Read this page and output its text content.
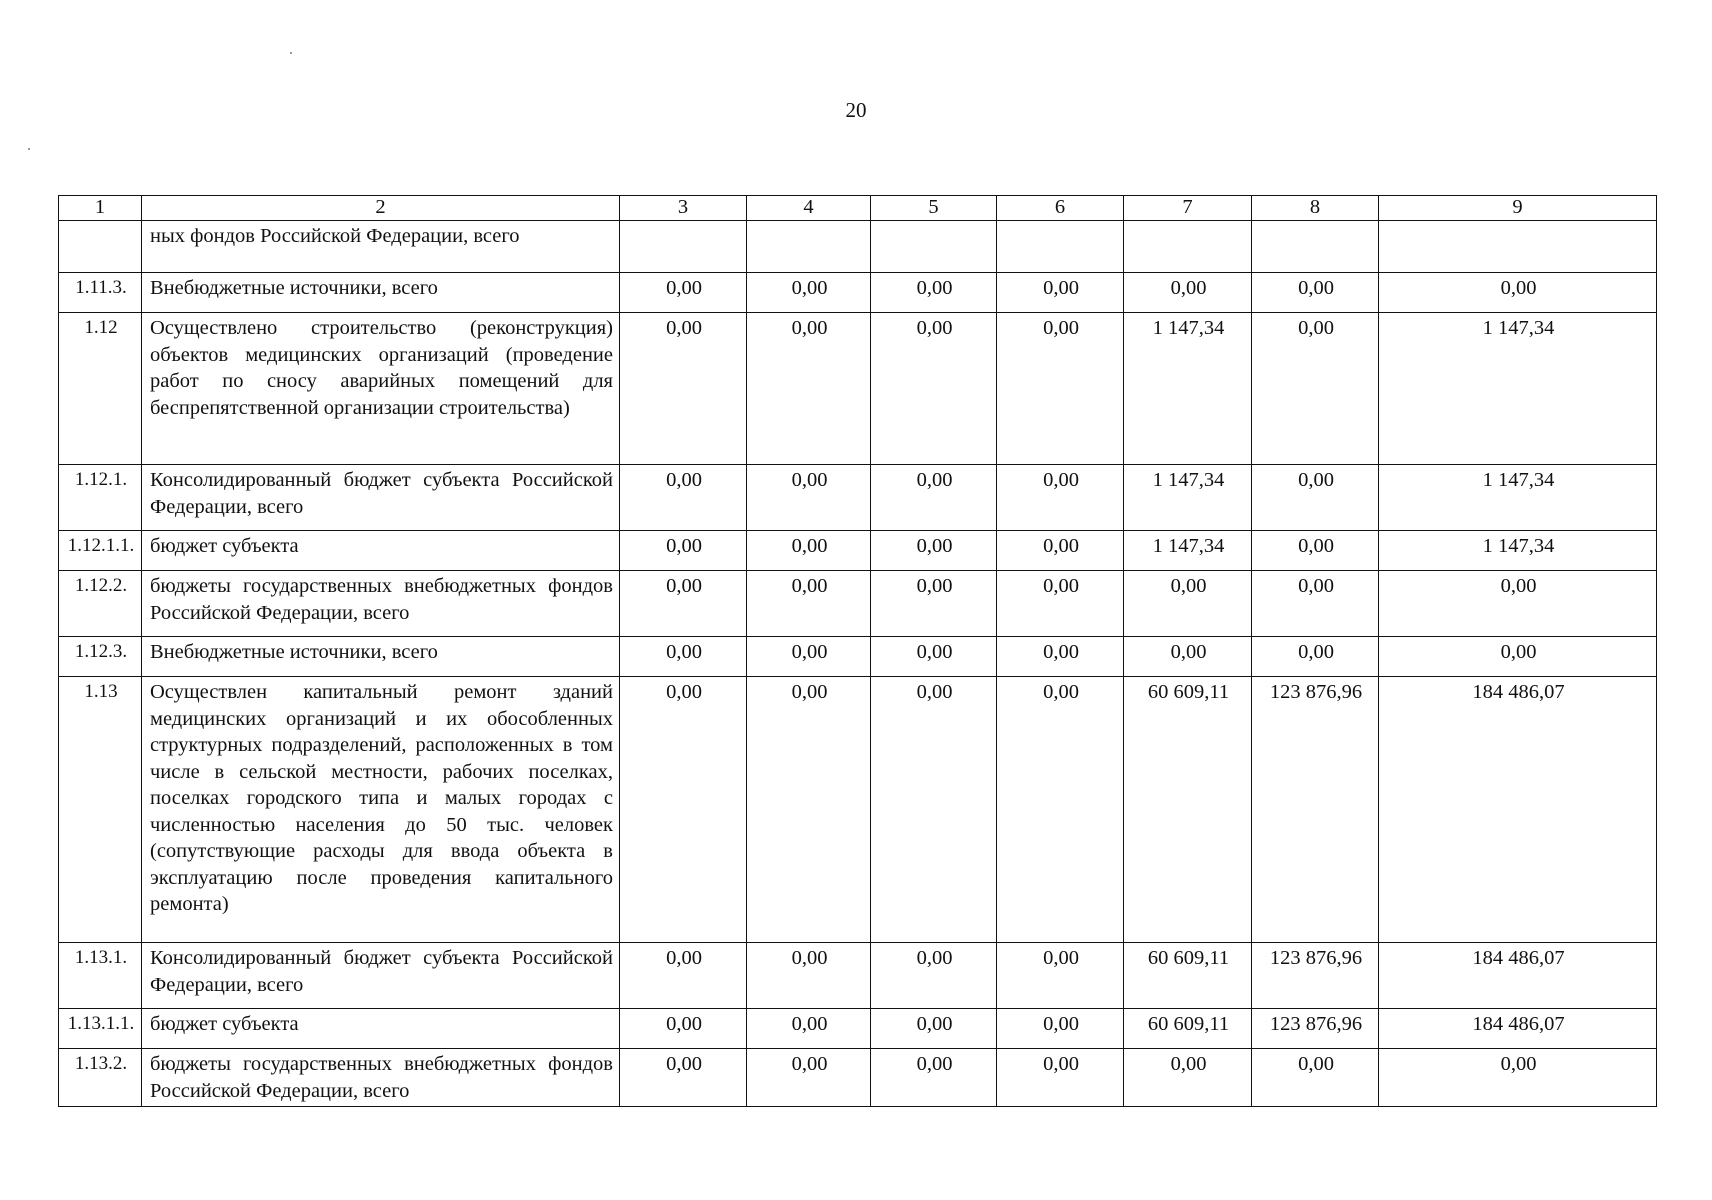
20
1	2	3	4	5	6	7	8	9
	ных фондов Российской Федерации, всего							
1.11.3.	Внебюджетные источники, всего	0,00	0,00	0,00	0,00	0,00	0,00	0,00
1.12	Осуществлено строительство (реконструкция) объектов медицинских организаций (проведение работ по сносу аварийных помещений для беспрепятственной организации строительства)	0,00	0,00	0,00	0,00	1 147,34	0,00	1 147,34
1.12.1.	Консолидированный бюджет субъекта Российской Федерации, всего	0,00	0,00	0,00	0,00	1 147,34	0,00	1 147,34
1.12.1.1.	бюджет субъекта	0,00	0,00	0,00	0,00	1 147,34	0,00	1 147,34
1.12.2.	бюджеты государственных внебюджетных фондов Российской Федерации, всего	0,00	0,00	0,00	0,00	0,00	0,00	0,00
1.12.3.	Внебюджетные источники, всего	0,00	0,00	0,00	0,00	0,00	0,00	0,00
1.13	Осуществлен капитальный ремонт зданий медицинских организаций и их обособленных структурных подразделений, расположенных в том числе в сельской местности, рабочих поселках, поселках городского типа и малых городах с численностью населения до 50 тыс. человек (сопутствующие расходы для ввода объекта в эксплуатацию после проведения капитального ремонта)	0,00	0,00	0,00	0,00	60 609,11	123 876,96	184 486,07
1.13.1.	Консолидированный бюджет субъекта Российской Федерации, всего	0,00	0,00	0,00	0,00	60 609,11	123 876,96	184 486,07
1.13.1.1.	бюджет субъекта	0,00	0,00	0,00	0,00	60 609,11	123 876,96	184 486,07
1.13.2.	бюджеты государственных внебюджетных фондов Российской Федерации, всего	0,00	0,00	0,00	0,00	0,00	0,00	0,00
